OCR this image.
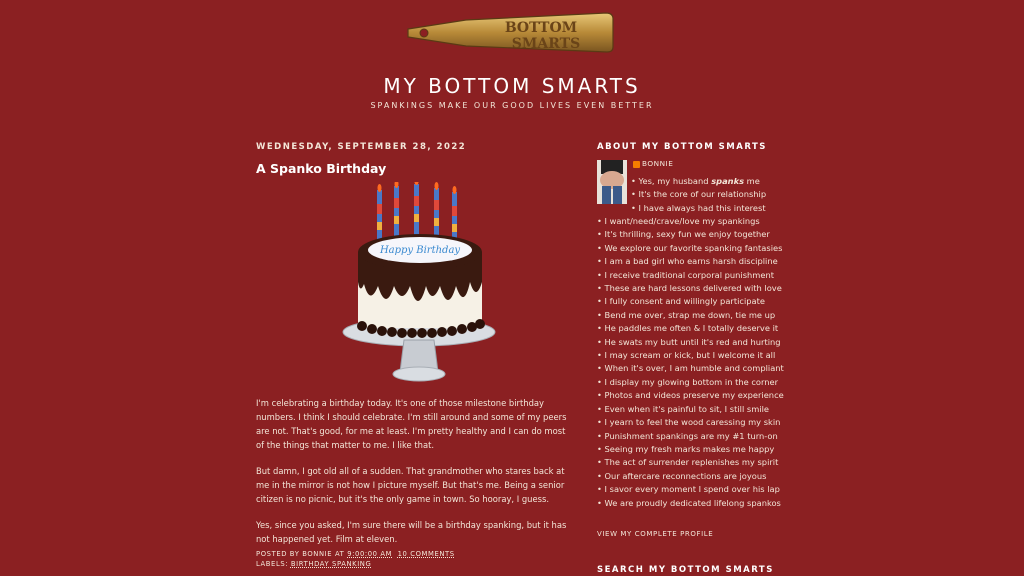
BOTTOM
SMARTS
MY BOTTOM SMARTS
SPANKINGS MAKE OUR GOOD LIVES EVEN BETTER
WEDNESDAY, SEPTEMBER 28, 2022
A Spanko Birthday
Happy Birthday

I'm celebrating a birthday today. It's one of those milestone birthday numbers. I think I should celebrate. I'm still around and some of my peers are not. That's good, for me at least. I'm pretty healthy and I can do most of the things that matter to me. I like that.

But damn, I got old all of a sudden. That grandmother who stares back at me in the mirror is not how I picture myself. But that's me. Being a senior citizen is no picnic, but it's the only game in town. So hooray, I guess.

Yes, since you asked, I'm sure there will be a birthday spanking, but it has not happened yet. Film at eleven.

POSTED BY BONNIE AT 9:00:00 AM 10 COMMENTS
LABELS: BIRTHDAY SPANKING
ABOUT MY BOTTOM SMARTS
BONNIE
• Yes, my husband spanks me
• It's the core of our relationship
• I have always had this interest
• I want/need/crave/love my spankings
• It's thrilling, sexy fun we enjoy together
• We explore our favorite spanking fantasies
• I am a bad girl who earns harsh discipline
• I receive traditional corporal punishment
• These are hard lessons delivered with love
• I fully consent and willingly participate
• Bend me over, strap me down, tie me up
• He paddles me often & I totally deserve it
• He swats my butt until it's red and hurting
• I may scream or kick, but I welcome it all
• When it's over, I am humble and compliant
• I display my glowing bottom in the corner
• Photos and videos preserve my experience
• Even when it's painful to sit, I still smile
• I yearn to feel the wood caressing my skin
• Punishment spankings are my #1 turn-on
• Seeing my fresh marks makes me happy
• The act of surrender replenishes my spirit
• Our aftercare reconnections are joyous
• I savor every moment I spend over his lap
• We are proudly dedicated lifelong spankos
VIEW MY COMPLETE PROFILE
SEARCH MY BOTTOM SMARTS
